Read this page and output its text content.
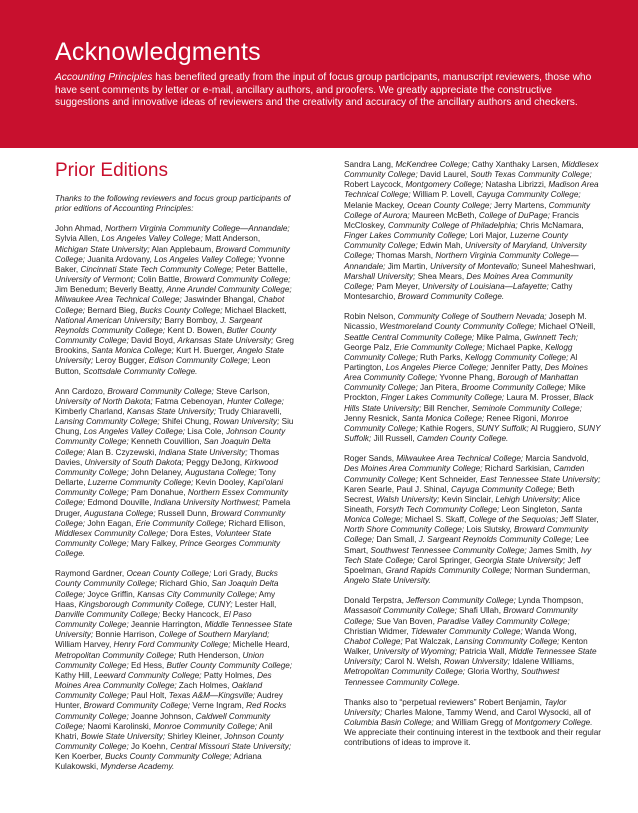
Acknowledgments

Accounting Principles has benefited greatly from the input of focus group participants, manuscript reviewers, those who have sent comments by letter or e-mail, ancillary authors, and proofers. We greatly appreciate the constructive suggestions and innovative ideas of reviewers and the creativity and accuracy of the ancillary authors and checkers.

Prior Editions

Thanks to the following reviewers and focus group participants of prior editions of Accounting Principles:

John Ahmad, Northern Virginia Community College—Annandale; Sylvia Allen, Los Angeles Valley College; Matt Anderson, Michigan State University; Alan Applebaum, Broward Community College; Juanita Ardovany, Los Angeles Valley College; Yvonne Baker, Cincinnati State Tech Community College; Peter Battelle, University of Vermont; Colin Battle, Broward Community College; Jim Benedum; Beverly Beatty, Anne Arundel Community College; Milwaukee Area Technical College; Jaswinder Bhangal, Chabot College; Bernard Bieg, Bucks County College; Michael Blackett, National American University; Barry Bomboy, J. Sargeant Reynolds Community College; Kent D. Bowen, Butler County Community College; David Boyd, Arkansas State University; Greg Brookins, Santa Monica College; Kurt H. Buerger, Angelo State University; Leroy Bugger, Edison Community College; Leon Button, Scottsdale Community College.

Ann Cardozo, Broward Community College; Steve Carlson, University of North Dakota; Fatma Cebenoyan, Hunter College; Kimberly Charland, Kansas State University; Trudy Chiaravelli, Lansing Community College; Shifei Chung, Rowan University; Siu Chung, Los Angeles Valley College; Lisa Cole, Johnson County Community College; Kenneth Couvillion, San Joaquin Delta College; Alan B. Czyzewski, Indiana State University; Thomas Davies, University of South Dakota; Peggy DeJong, Kirkwood Community College; John Delaney, Augustana College; Tony Dellarte, Luzerne Community College; Kevin Dooley, Kapi'olani Community College; Pam Donahue, Northern Essex Community College; Edmond Douville, Indiana University Northwest; Pamela Druger, Augustana College; Russell Dunn, Broward Community College; John Eagan, Erie Community College; Richard Ellison, Middlesex Community College; Dora Estes, Volunteer State Community College; Mary Falkey, Prince Georges Community College.

Raymond Gardner, Ocean County College; Lori Grady, Bucks County Community College; Richard Ghio, San Joaquin Delta College; Joyce Griffin, Kansas City Community College; Amy Haas, Kingsborough Community College, CUNY; Lester Hall, Danville Community College; Becky Hancock, El Paso Community College; Jeannie Harrington, Middle Tennessee State University; Bonnie Harrison, College of Southern Maryland; William Harvey, Henry Ford Community College; Michelle Heard, Metropolitan Community College; Ruth Henderson, Union Community College; Ed Hess, Butler County Community College; Kathy Hill, Leeward Community College; Patty Holmes, Des Moines Area Community College; Zach Holmes, Oakland Community College; Paul Holt, Texas A&M—Kingsville; Audrey Hunter, Broward Community College; Verne Ingram, Red Rocks Community College; Joanne Johnson, Caldwell Community College; Naomi Karolinski, Monroe Community College; Anil Khatri, Bowie State University; Shirley Kleiner, Johnson County Community College; Jo Koehn, Central Missouri State University; Ken Koerber, Bucks County Community College; Adriana Kulakowski, Mynderse Academy.

Sandra Lang, McKendree College; Cathy Xanthaky Larsen, Middlesex Community College; David Laurel, South Texas Community College; Robert Laycock, Montgomery College; Natasha Librizzi, Madison Area Technical College; William P. Lovell, Cayuga Community College; Melanie Mackey, Ocean County College; Jerry Martens, Community College of Aurora; Maureen McBeth, College of DuPage; Francis McCloskey, Community College of Philadelphia; Chris McNamara, Finger Lakes Community College; Lori Major, Luzerne County Community College; Edwin Mah, University of Maryland, University College; Thomas Marsh, Northern Virginia Community College—Annandale; Jim Martin, University of Montevallo; Suneel Maheshwari, Marshall University; Shea Mears, Des Moines Area Community College; Pam Meyer, University of Louisiana—Lafayette; Cathy Montesarchio, Broward Community College.

Robin Nelson, Community College of Southern Nevada; Joseph M. Nicassio, Westmoreland County Community College; Michael O'Neill, Seattle Central Community College; Mike Palma, Gwinnett Tech; George Palz, Erie Community College; Michael Papke, Kellogg Community College; Ruth Parks, Kellogg Community College; Al Partington, Los Angeles Pierce College; Jennifer Patty, Des Moines Area Community College; Yvonne Phang, Borough of Manhattan Community College; Jan Pitera, Broome Community College; Mike Prockton, Finger Lakes Community College; Laura M. Prosser, Black Hills State University; Bill Rencher, Seminole Community College; Jenny Resnick, Santa Monica College; Renee Rigoni, Monroe Community College; Kathie Rogers, SUNY Suffolk; Al Ruggiero, SUNY Suffolk; Jill Russell, Camden County College.

Roger Sands, Milwaukee Area Technical College; Marcia Sandvold, Des Moines Area Community College; Richard Sarkisian, Camden Community College; Kent Schneider, East Tennessee State University; Karen Searle, Paul J. Shinal, Cayuga Community College; Beth Secrest, Walsh University; Kevin Sinclair, Lehigh University; Alice Sineath, Forsyth Tech Community College; Leon Singleton, Santa Monica College; Michael S. Skaff, College of the Sequoias; Jeff Slater, North Shore Community College; Lois Slutsky, Broward Community College; Dan Small, J. Sargeant Reynolds Community College; Lee Smart, Southwest Tennessee Community College; James Smith, Ivy Tech State College; Carol Springer, Georgia State University; Jeff Spoelman, Grand Rapids Community College; Norman Sunderman, Angelo State University.

Donald Terpstra, Jefferson Community College; Lynda Thompson, Massasoit Community College; Shafi Ullah, Broward Community College; Sue Van Boven, Paradise Valley Community College; Christian Widmer, Tidewater Community College; Wanda Wong, Chabot College; Pat Walczak, Lansing Community College; Kenton Walker, University of Wyoming; Patricia Wall, Middle Tennessee State University; Carol N. Welsh, Rowan University; Idalene Williams, Metropolitan Community College; Gloria Worthy, Southwest Tennessee Community College.

Thanks also to “perpetual reviewers” Robert Benjamin, Taylor University; Charles Malone, Tammy Wend, and Carol Wysocki, all of Columbia Basin College; and William Gregg of Montgomery College. We appreciate their continuing interest in the textbook and their regular contributions of ideas to improve it.
